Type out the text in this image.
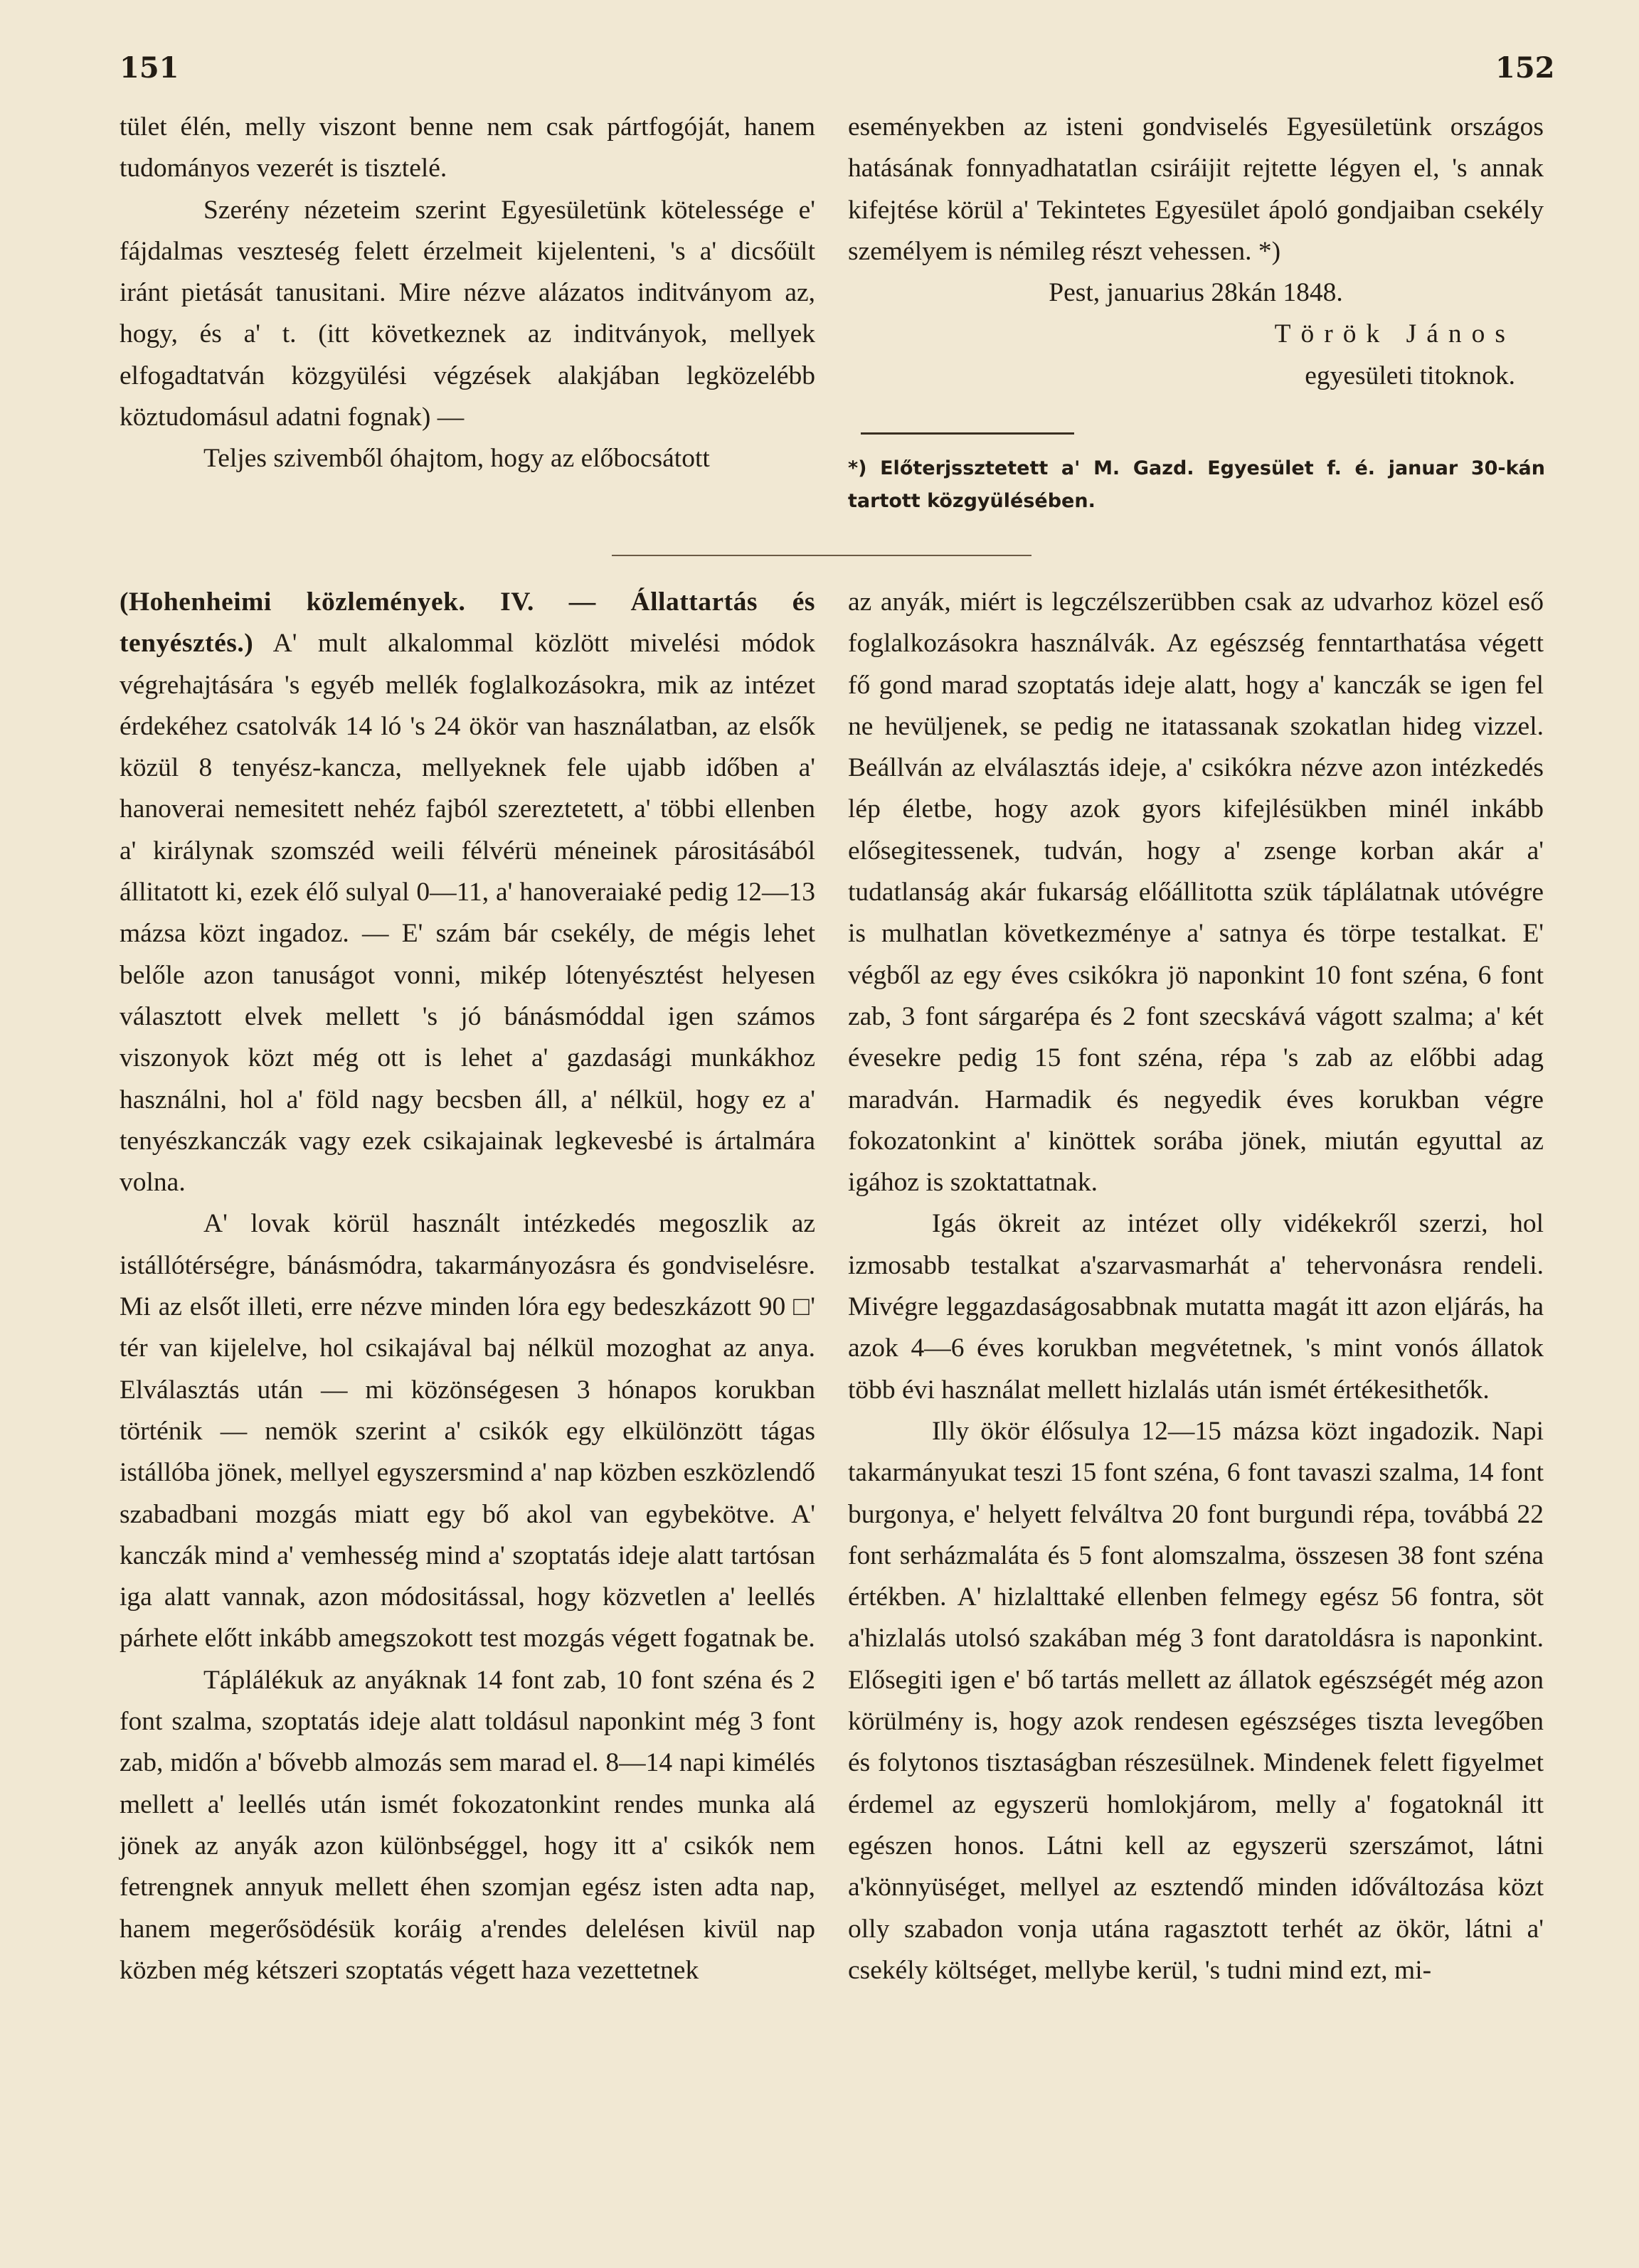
151	152

tület élén, melly viszont benne nem csak pártfogóját, hanem tudományos vezerét is tisztelé.

Szerény nézeteim szerint Egyesületünk kötelessége e' fájdalmas veszteség felett érzelmeit kijelenteni, 's a' dicsőült iránt pietását tanusitani. Mire nézve alázatos inditványom az, hogy, és a' t. (itt következnek az inditványok, mellyek elfogadtatván közgyülési végzések alakjában legközelébb köztudomásul adatni fognak) —

Teljes szivemből óhajtom, hogy az előbocsátott

eseményekben az isteni gondviselés Egyesületünk országos hatásának fonnyadhatatlan csiráijit rejtette légyen el, 's annak kifejtése körül a' Tekintetes Egyesület ápoló gondjaiban csekély személyem is némileg részt vehessen. *)

Pest, januarius 28kán 1848.

Török János

egyesületi titoknok.

*) Előterjssztetett a' M. Gazd. Egyesület f. é. januar 30-kán tartott közgyülésében.

(Hohenheimi közlemények. IV. — Állattartás és tenyésztés.) A' mult alkalommal közlött mivelési módok végrehajtására 's egyéb mellék foglalkozásokra, mik az intézet érdekéhez csatolvák 14 ló 's 24 ökör van használatban, az elsők közül 8 tenyész-kancza, mellyeknek fele ujabb időben a' hanoverai nemesitett nehéz fajból szereztetett, a' többi ellenben a' királynak szomszéd weili félvérü méneinek párositásából állitatott ki, ezek élő sulyal 0—11, a' hanoveraiaké pedig 12—13 mázsa közt ingadoz. — E' szám bár csekély, de mégis lehet belőle azon tanuságot vonni, mikép lótenyésztést helyesen választott elvek mellett 's jó bánásmóddal igen számos viszonyok közt még ott is lehet a' gazdasági munkákhoz használni, hol a' föld nagy becsben áll, a' nélkül, hogy ez a' tenyészkanczák vagy ezek csikajainak legkevesbé is ártalmára volna.

A' lovak körül használt intézkedés megoszlik az istállótérségre, bánásmódra, takarmányozásra és gondviselésre. Mi az elsőt illeti, erre nézve minden lóra egy bedeszkázott 90 □' tér van kijelelve, hol csikajával baj nélkül mozoghat az anya. Elválasztás után — mi közönségesen 3 hónapos korukban történik — nemök szerint a' csikók egy elkülönzött tágas istállóba jönek, mellyel egyszersmind a' nap közben eszközlendő szabadbani mozgás miatt egy bő akol van egybekötve. A' kanczák mind a' vemhesség mind a' szoptatás ideje alatt tartósan iga alatt vannak, azon módositással, hogy közvetlen a' leellés párhete előtt inkább amegszokott test mozgás végett fogatnak be.

Táplálékuk az anyáknak 14 font zab, 10 font széna és 2 font szalma, szoptatás ideje alatt toldásul naponkint még 3 font zab, midőn a' bővebb almozás sem marad el. 8—14 napi kimélés mellett a' leellés után ismét fokozatonkint rendes munka alá jönek az anyák azon különbséggel, hogy itt a' csikók nem fetrengnek annyuk mellett éhen szomjan egész isten adta nap, hanem megerősödésük koráig a'rendes delelésen kivül nap közben még kétszeri szoptatás végett haza vezettetnek

az anyák, miért is legczélszerübben csak az udvarhoz közel eső foglalkozásokra használvák. Az egészség fenntarthatása végett fő gond marad szoptatás ideje alatt, hogy a' kanczák se igen fel ne hevüljenek, se pedig ne itatassanak szokatlan hideg vizzel. Beállván az elválasztás ideje, a' csikókra nézve azon intézkedés lép életbe, hogy azok gyors kifejlésükben minél inkább elősegitessenek, tudván, hogy a' zsenge korban akár a' tudatlanság akár fukarság előállitotta szük táplálatnak utóvégre is mulhatlan következménye a' satnya és törpe testalkat. E' végből az egy éves csikókra jö naponkint 10 font széna, 6 font zab, 3 font sárgarépa és 2 font szecskává vágott szalma; a' két évesekre pedig 15 font széna, répa 's zab az előbbi adag maradván. Harmadik és negyedik éves korukban végre fokozatonkint a' kinöttek sorába jönek, miután egyuttal az igához is szoktattatnak.

Igás ökreit az intézet olly vidékekről szerzi, hol izmosabb testalkat a'szarvasmarhát a' tehervonásra rendeli. Mivégre leggazdaságosabbnak mutatta magát itt azon eljárás, ha azok 4—6 éves korukban megvétetnek, 's mint vonós állatok több évi használat mellett hizlalás után ismét értékesithetők.

Illy ökör élősulya 12—15 mázsa közt ingadozik. Napi takarmányukat teszi 15 font széna, 6 font tavaszi szalma, 14 font burgonya, e' helyett felváltva 20 font burgundi répa, továbbá 22 font serházmaláta és 5 font alomszalma, összesen 38 font széna értékben. A' hizlalttaké ellenben felmegy egész 56 fontra, söt a'hizlalás utolsó szakában még 3 font daratoldásra is naponkint. Elősegiti igen e' bő tartás mellett az állatok egészségét még azon körülmény is, hogy azok rendesen egészséges tiszta levegőben és folytonos tisztaságban részesülnek. Mindenek felett figyelmet érdemel az egyszerü homlokjárom, melly a' fogatoknál itt egészen honos. Látni kell az egyszerü szerszámot, látni a'könnyüséget, mellyel az esztendő minden időváltozása közt olly szabadon vonja utána ragasztott terhét az ökör, látni a' csekély költséget, mellybe kerül, 's tudni mind ezt, mi-
